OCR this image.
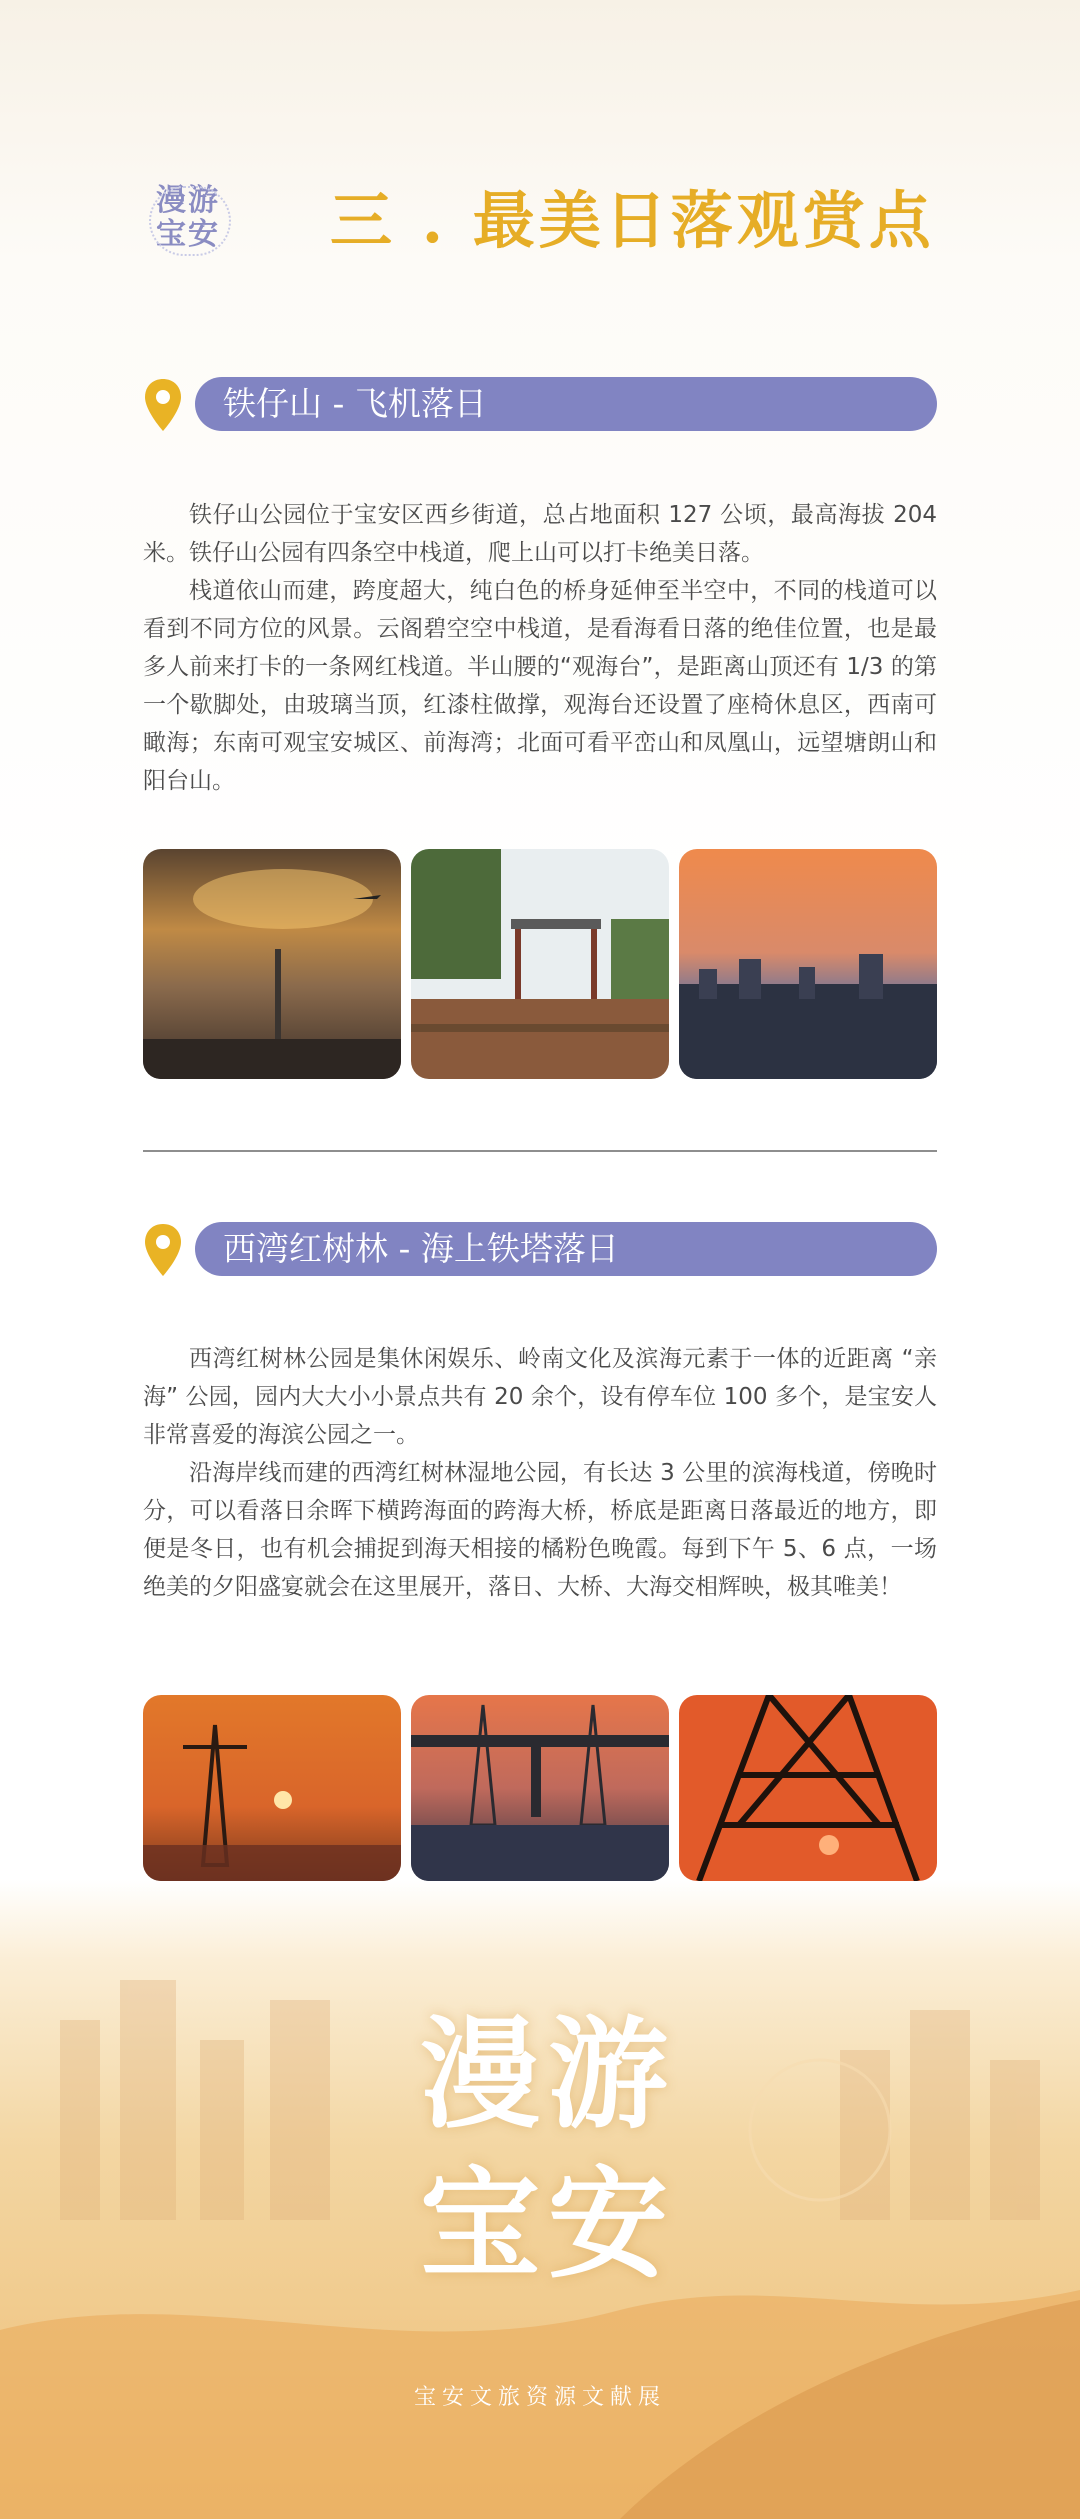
漫游
宝安 三 . 最美日落观赏点
铁仔山 - 飞机落日

铁仔山公园位于宝安区西乡街道，总占地面积 127 公顷，最高海拔 204 米。铁仔山公园有四条空中栈道，爬上山可以打卡绝美日落。

栈道依山而建，跨度超大，纯白色的桥身延伸至半空中，不同的栈道可以看到不同方位的风景。云阁碧空空中栈道，是看海看日落的绝佳位置，也是最多人前来打卡的一条网红栈道。半山腰的“观海台”，是距离山顶还有 1/3 的第一个歇脚处，由玻璃当顶，红漆柱做撑，观海台还设置了座椅休息区，西南可瞰海；东南可观宝安城区、前海湾；北面可看平峦山和凤凰山，远望塘朗山和阳台山。

西湾红树林 - 海上铁塔落日

西湾红树林公园是集休闲娱乐、岭南文化及滨海元素于一体的近距离 “亲海” 公园，园内大大小小景点共有 20 余个，设有停车位 100 多个，是宝安人非常喜爱的海滨公园之一。

沿海岸线而建的西湾红树林湿地公园，有长达 3 公里的滨海栈道，傍晚时分，可以看落日余晖下横跨海面的跨海大桥，桥底是距离日落最近的地方，即便是冬日，也有机会捕捉到海天相接的橘粉色晚霞。每到下午 5、6 点，一场绝美的夕阳盛宴就会在这里展开，落日、大桥、大海交相辉映，极其唯美！

漫游
宝安
宝安文旅资源文献展
